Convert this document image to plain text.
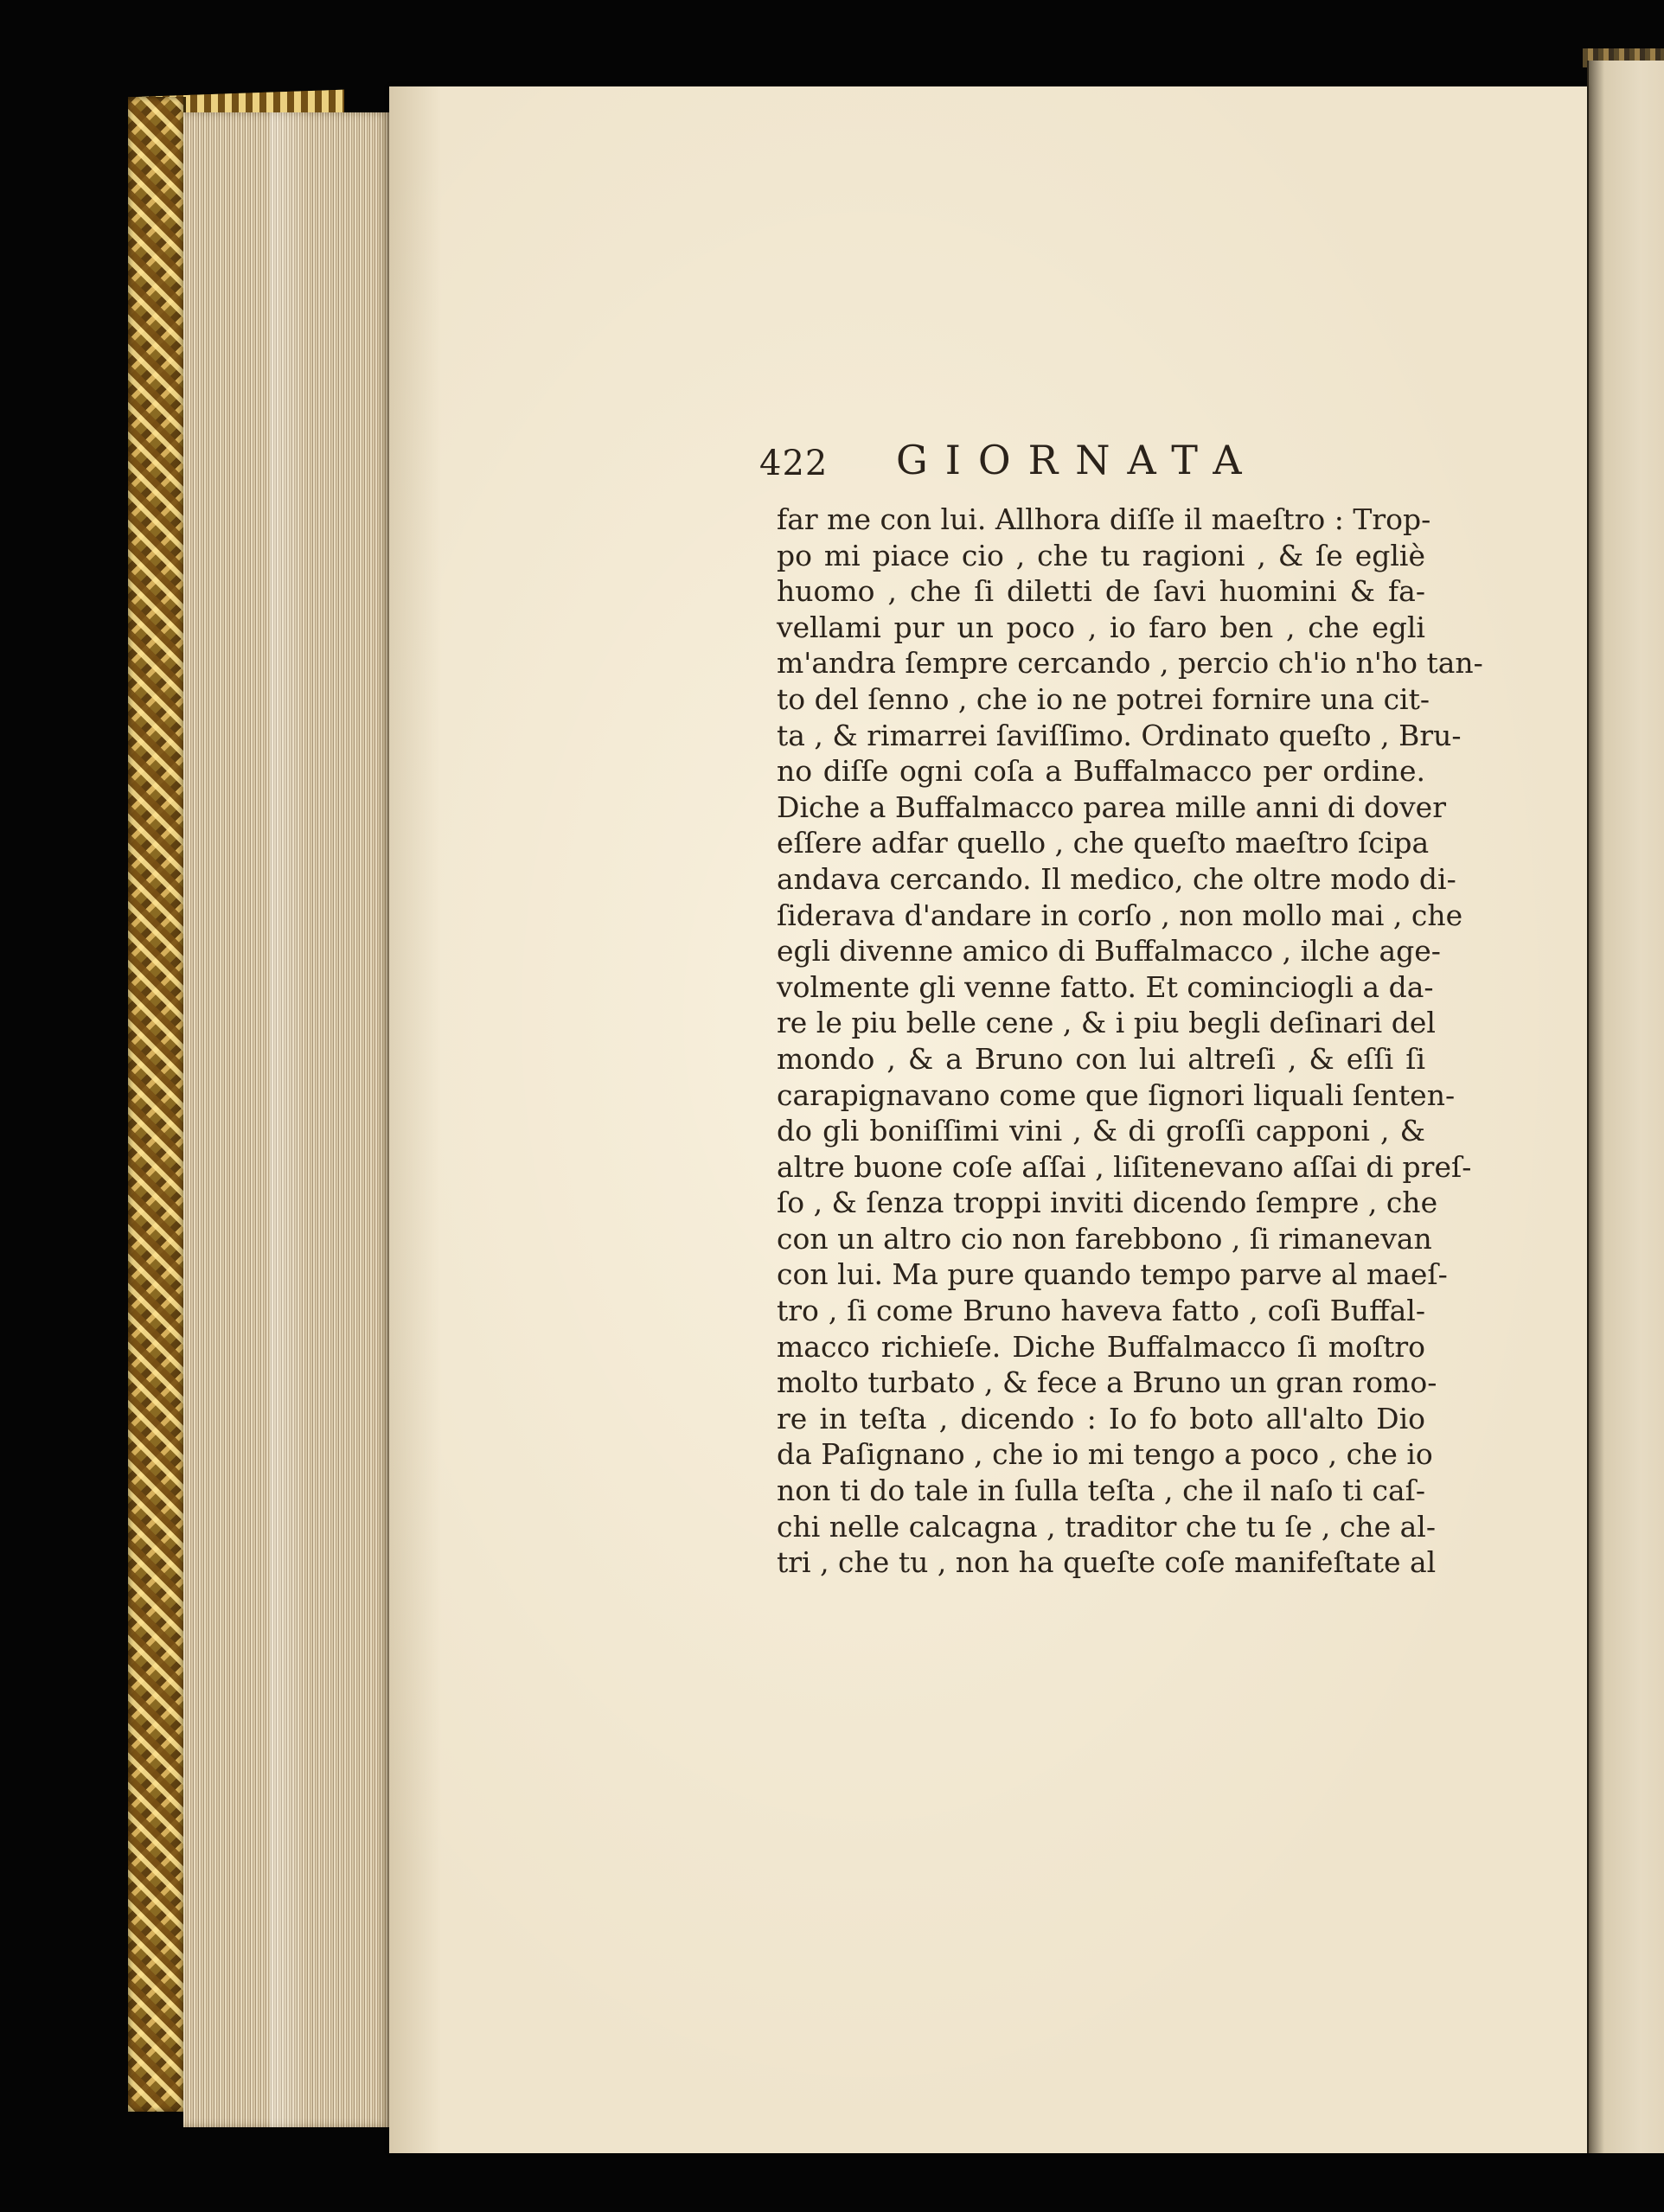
422 GIORNATA
far me con lui. Allhora diſſe il maeſtro : Trop-
po mi piace cio , che tu ragioni , & ſe egliè
huomo , che ſi diletti de ſavi huomini & fa-
vellami pur un poco , io faro ben , che egli
m'andra ſempre cercando , percio ch'io n'ho tan-
to del ſenno , che io ne potrei fornire una cit-
ta , & rimarrei ſaviſſimo. Ordinato queſto , Bru-
no diſſe ogni coſa a Buffalmacco per ordine.
Diche a Buffalmacco parea mille anni di dover
eſſere adfar quello , che queſto maeſtro ſcipa
andava cercando. Il medico, che oltre modo di-
ſiderava d'andare in corſo , non mollo mai , che
egli divenne amico di Buffalmacco , ilche age-
volmente gli venne fatto. Et cominciogli a da-
re le piu belle cene , & i piu begli deſinari del
mondo , & a Bruno con lui altreſi , & eſſi ſi
carapignavano come que ſignori liquali ſenten-
do gli boniſſimi vini , & di groſſi capponi , &
altre buone coſe aſſai , liſitenevano aſſai di preſ-
ſo , & ſenza troppi inviti dicendo ſempre , che
con un altro cio non farebbono , ſi rimanevan
con lui. Ma pure quando tempo parve al maeſ-
tro , ſi come Bruno haveva fatto , coſi Buffal-
macco richieſe. Diche Buffalmacco ſi moſtro
molto turbato , & fece a Bruno un gran romo-
re in teſta , dicendo : Io fo boto all'alto Dio
da Paſignano , che io mi tengo a poco , che io
non ti do tale in ſulla teſta , che il naſo ti caſ-
chi nelle calcagna , traditor che tu ſe , che al-
tri , che tu , non ha queſte coſe manifeſtate al
